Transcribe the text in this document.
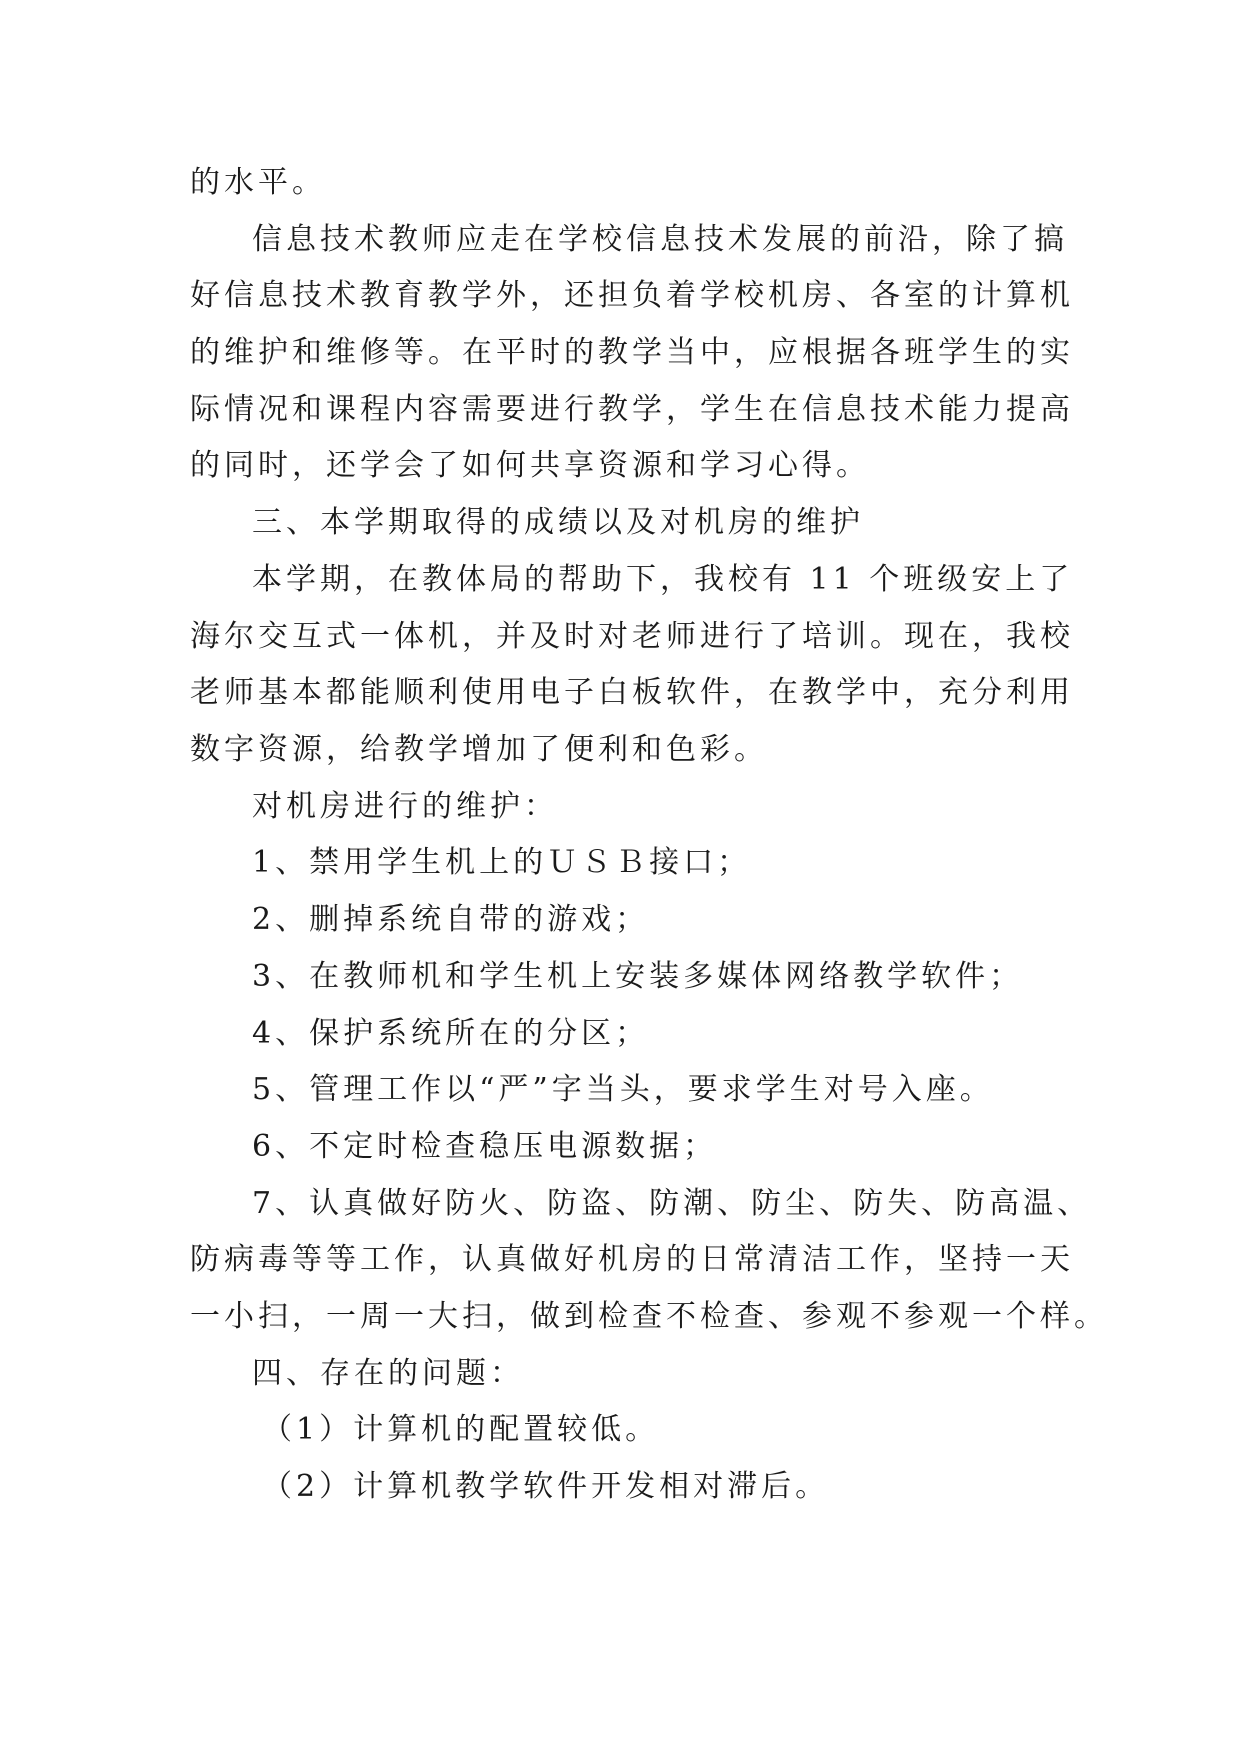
的水平。
信息技术教师应走在学校信息技术发展的前沿，除了搞
好信息技术教育教学外，还担负着学校机房、各室的计算机
的维护和维修等。在平时的教学当中，应根据各班学生的实
际情况和课程内容需要进行教学，学生在信息技术能力提高
的同时，还学会了如何共享资源和学习心得。
三、本学期取得的成绩以及对机房的维护
本学期，在教体局的帮助下，我校有 11 个班级安上了
海尔交互式一体机，并及时对老师进行了培训。现在，我校
老师基本都能顺利使用电子白板软件，在教学中，充分利用
数字资源，给教学增加了便利和色彩。
对机房进行的维护：
1、禁用学生机上的ＵＳＢ接口；
2、删掉系统自带的游戏；
3、在教师机和学生机上安装多媒体网络教学软件；
4、保护系统所在的分区；
5、管理工作以“严”字当头，要求学生对号入座。
6、不定时检查稳压电源数据；
7、认真做好防火、防盗、防潮、防尘、防失、防高温、
防病毒等等工作，认真做好机房的日常清洁工作，坚持一天
一小扫，一周一大扫，做到检查不检查、参观不参观一个样。
四、存在的问题：
（1）计算机的配置较低。
（2）计算机教学软件开发相对滞后。
